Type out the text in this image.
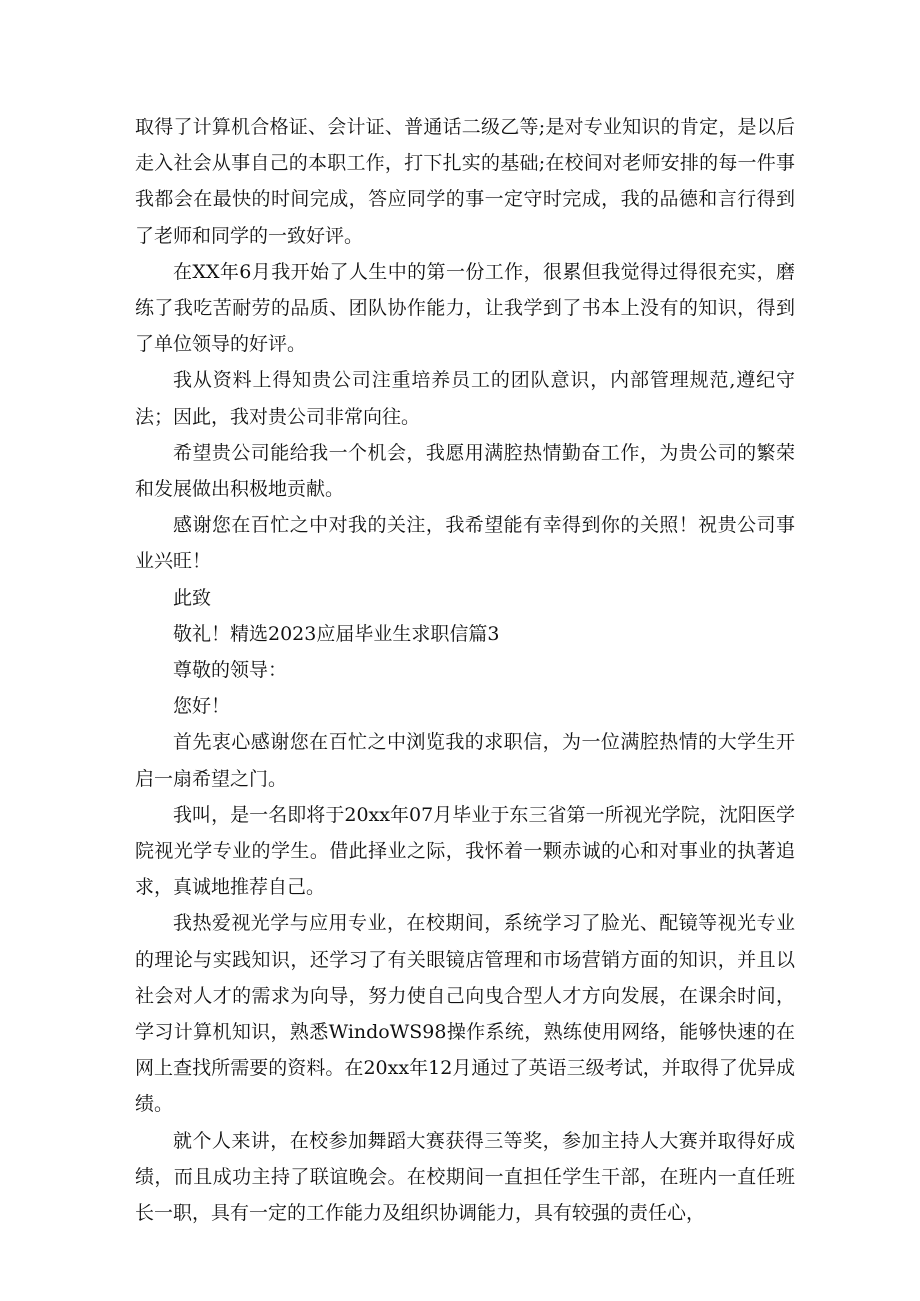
取得了计算机合格证、会计证、普通话二级乙等;是对专业知识的肯定，是以后走入社会从事自己的本职工作，打下扎实的基础;在校间对老师安排的每一件事我都会在最快的时间完成，答应同学的事一定守时完成，我的品德和言行得到了老师和同学的一致好评。

在XX年6月我开始了人生中的第一份工作，很累但我觉得过得很充实，磨练了我吃苦耐劳的品质、团队协作能力，让我学到了书本上没有的知识，得到了单位领导的好评。

我从资料上得知贵公司注重培养员工的团队意识，内部管理规范,遵纪守法；因此，我对贵公司非常向往。

希望贵公司能给我一个机会，我愿用满腔热情勤奋工作，为贵公司的繁荣和发展做出积极地贡献。

感谢您在百忙之中对我的关注，我希望能有幸得到你的关照！祝贵公司事业兴旺！

此致

敬礼！精选2023应届毕业生求职信篇3

尊敬的领导：

您好！

首先衷心感谢您在百忙之中浏览我的求职信，为一位满腔热情的大学生开启一扇希望之门。

我叫，是一名即将于20xx年07月毕业于东三省第一所视光学院，沈阳医学院视光学专业的学生。借此择业之际，我怀着一颗赤诚的心和对事业的执著追求，真诚地推荐自己。

我热爱视光学与应用专业，在校期间，系统学习了脸光、配镜等视光专业的理论与实践知识，还学习了有关眼镜店管理和市场营销方面的知识，并且以社会对人才的需求为向导，努力使自己向曳合型人才方向发展，在课余时间，学习计算机知识，熟悉WindoWS98操作系统，熟练使用网络，能够快速的在网上查找所需要的资料。在20xx年12月通过了英语三级考试，并取得了优异成绩。

就个人来讲，在校参加舞蹈大赛获得三等奖，参加主持人大赛并取得好成绩，而且成功主持了联谊晚会。在校期间一直担任学生干部，在班内一直任班长一职，具有一定的工作能力及组织协调能力，具有较强的责任心，
